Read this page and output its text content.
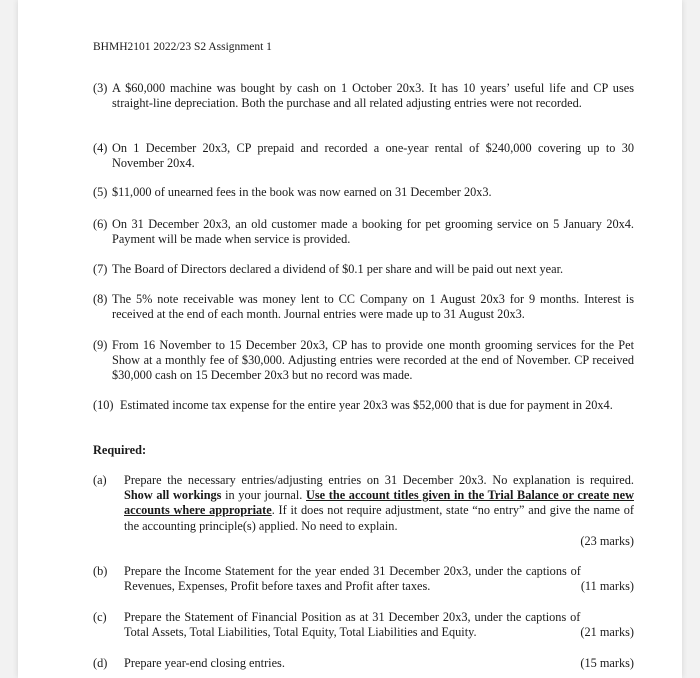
BHMH2101 2022/23 S2 Assignment 1
(3) A $60,000 machine was bought by cash on 1 October 20x3. It has 10 years’ useful life and CP uses straight-line depreciation. Both the purchase and all related adjusting entries were not recorded.
(4) On 1 December 20x3, CP prepaid and recorded a one-year rental of $240,000 covering up to 30 November 20x4.
(5) $11,000 of unearned fees in the book was now earned on 31 December 20x3.
(6) On 31 December 20x3, an old customer made a booking for pet grooming service on 5 January 20x4. Payment will be made when service is provided.
(7) The Board of Directors declared a dividend of $0.1 per share and will be paid out next year.
(8) The 5% note receivable was money lent to CC Company on 1 August 20x3 for 9 months. Interest is received at the end of each month. Journal entries were made up to 31 August 20x3.
(9) From 16 November to 15 December 20x3, CP has to provide one month grooming services for the Pet Show at a monthly fee of $30,000. Adjusting entries were recorded at the end of November. CP received $30,000 cash on 15 December 20x3 but no record was made.
(10) Estimated income tax expense for the entire year 20x3 was $52,000 that is due for payment in 20x4.
Required:
(a) Prepare the necessary entries/adjusting entries on 31 December 20x3. No explanation is required. Show all workings in your journal. Use the account titles given in the Trial Balance or create new accounts where appropriate. If it does not require adjustment, state “no entry” and give the name of the accounting principle(s) applied. No need to explain.
(23 marks)
(b)
(11 marks)
Prepare the Income Statement for the year ended 31 December 20x3, under the captions of Revenues, Expenses, Profit before taxes and Profit after taxes.
(c)
(21 marks)
Prepare the Statement of Financial Position as at 31 December 20x3, under the captions of Total Assets, Total Liabilities, Total Equity, Total Liabilities and Equity.
(d)	(15 marks)
Prepare year-end closing entries.
